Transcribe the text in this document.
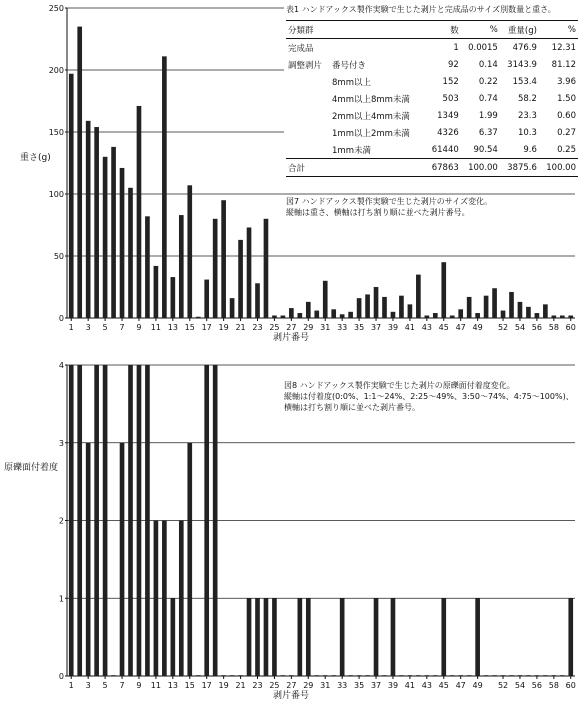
0
50
100
150
200
250
1 3 5 7 9 11 13 15 17 19 21 23 25 27 29 31 33 35 37 39 41 43 45 47 49 52 54 56 58 60
重さ(g)
剥片番号
0
1
2
3
4
1 3 5 7 9 11 13 15 17 19 21 23 25 27 29 31 33 35 37 39 41 43 45 47 49 52 54 56 58 60
原礫面付着度
剥片番号
表1 ハンドアックス製作実験で生じた剥片と完成品のサイズ別数量と重さ。
分類群		数	%	重量(g)	%
完成品		1	0.0015	476.9	12.31
調整剥片	番号付き	92	0.14	3143.9	81.12
	8mm以上	152	0.22	153.4	3.96
	4mm以上8mm未満	503	0.74	58.2	1.50
	2mm以上4mm未満	1349	1.99	23.3	0.60
	1mm以上2mm未満	4326	6.37	10.3	0.27
	1mm未満	61440	90.54	9.6	0.25
合計		67863	100.00	3875.6	100.00
図7 ハンドアックス製作実験で生じた剥片のサイズ変化。
縦軸は重さ、横軸は打ち割り順に並べた剥片番号。
図8 ハンドアックス製作実験で生じた剥片の原礫面付着度変化。
縦軸は付着度(0:0%、1:1〜24%、2:25〜49%、3:50〜74%、4:75〜100%)、
横軸は打ち割り順に並べた剥片番号。
